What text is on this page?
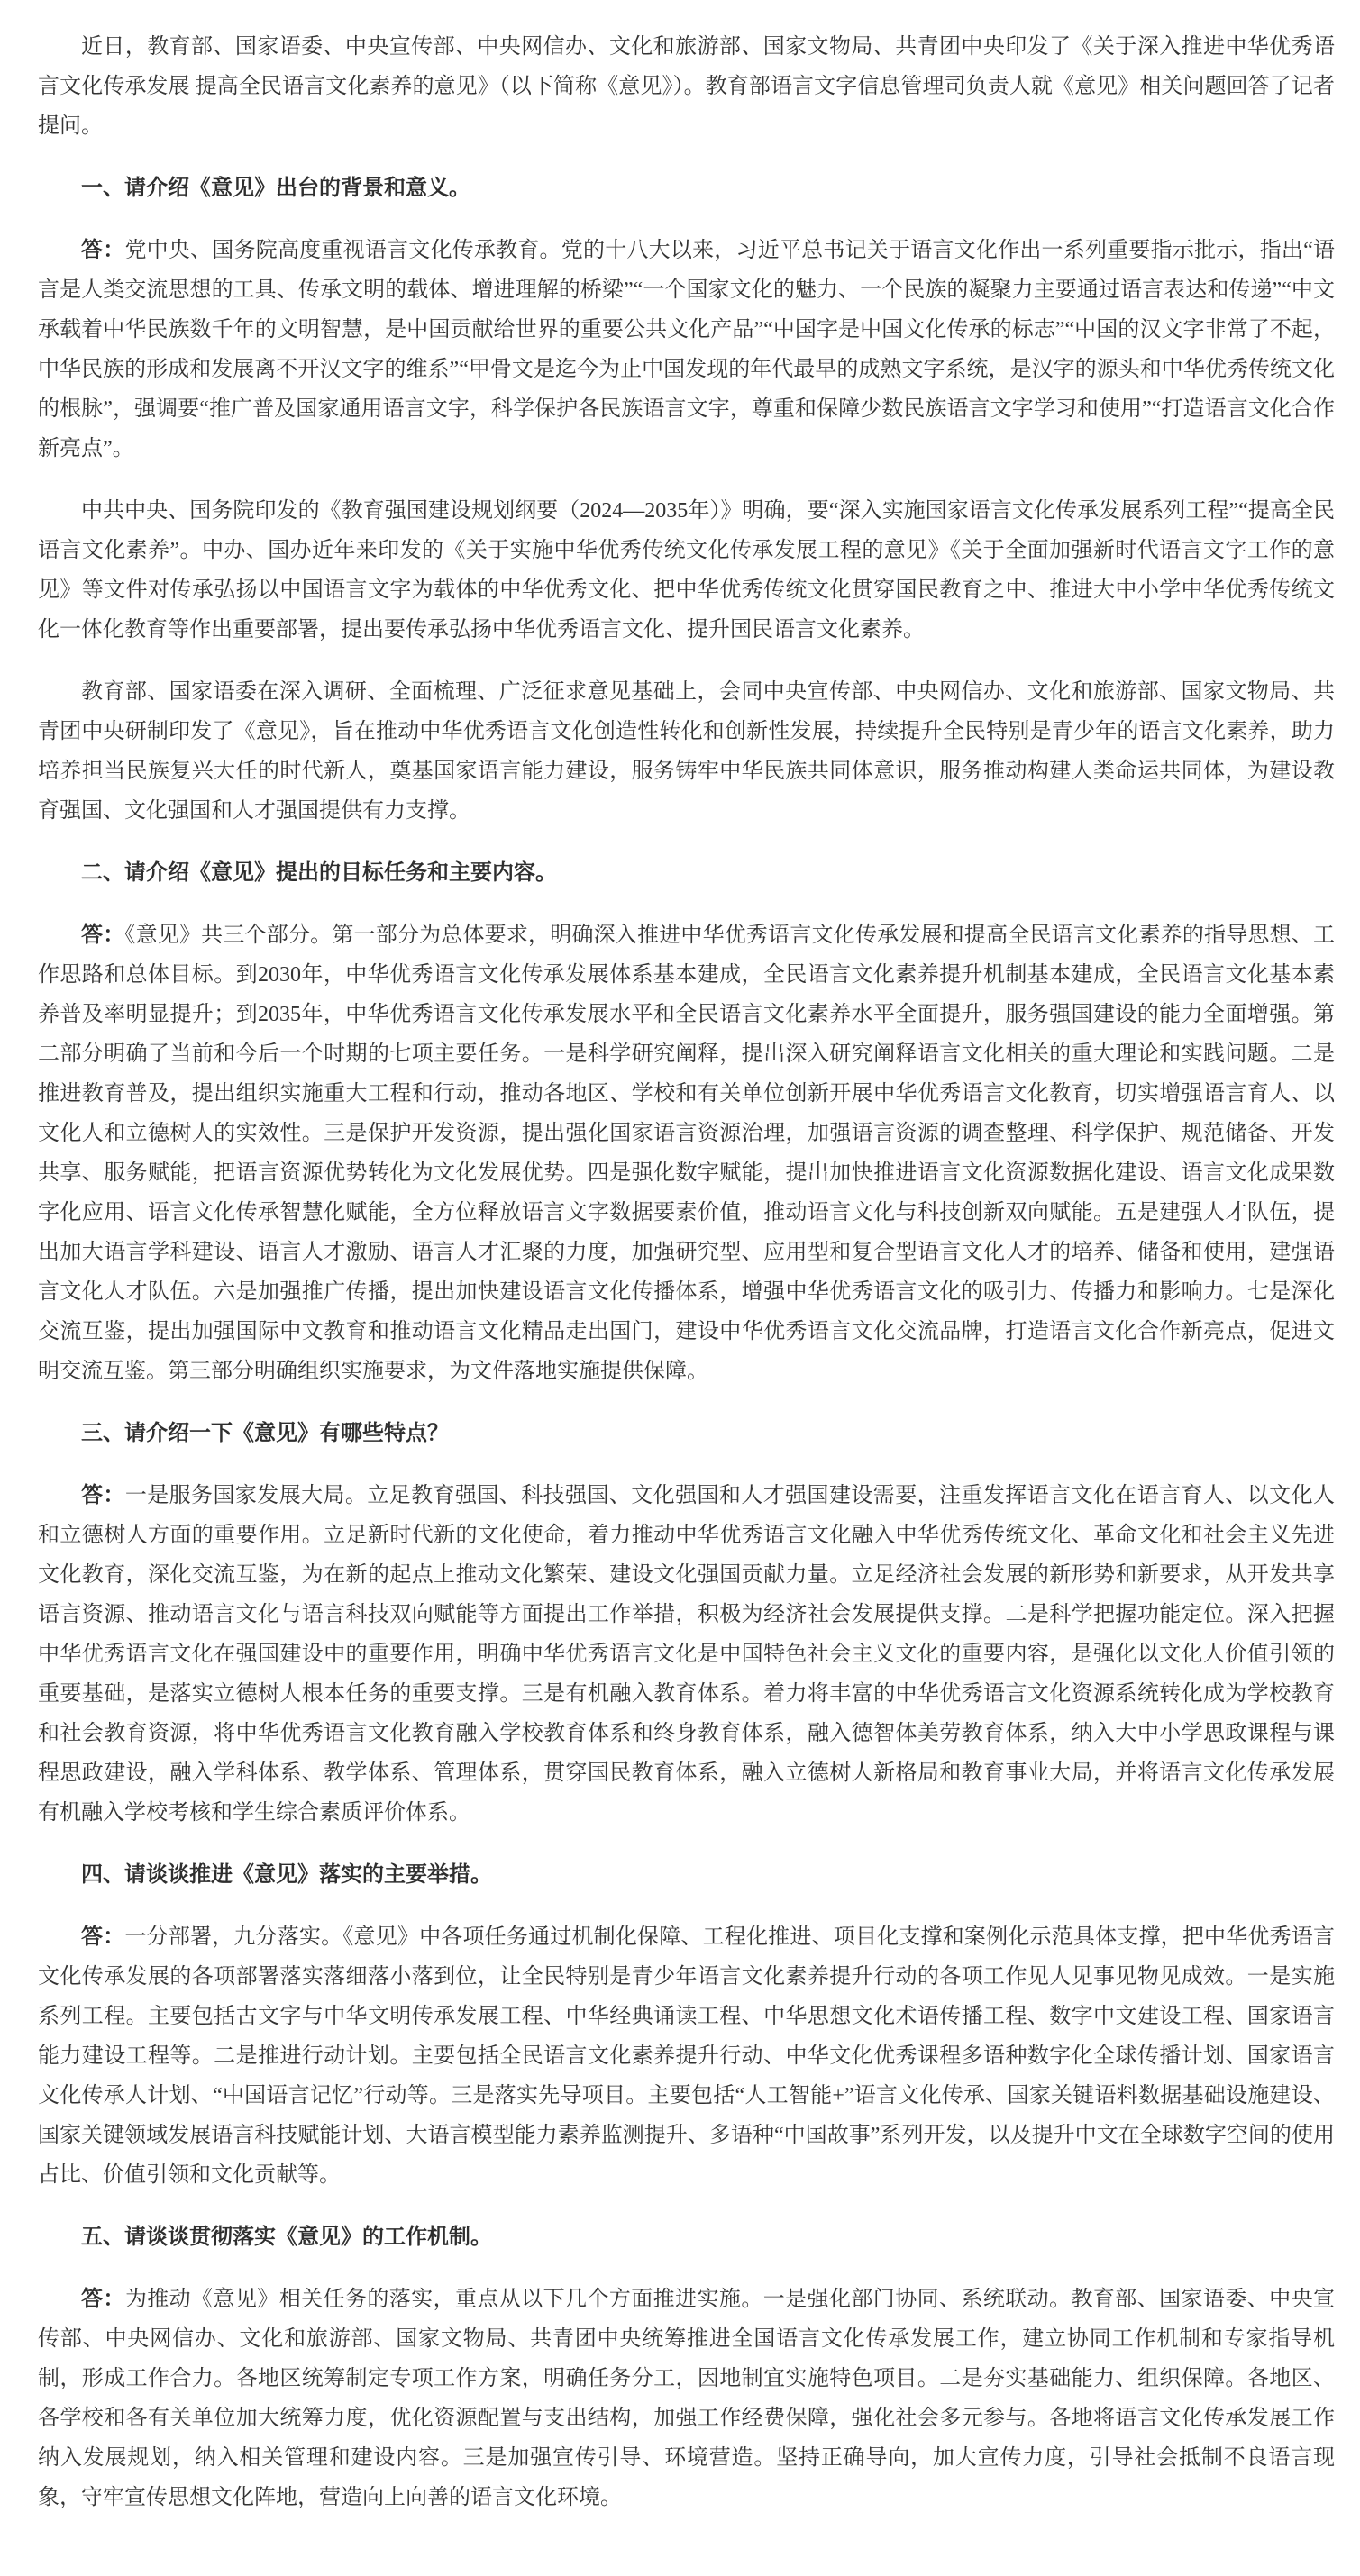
近日，教育部、国家语委、中央宣传部、中央网信办、文化和旅游部、国家文物局、共青团中央印发了《关于深入推进中华优秀语言文化传承发展 提高全民语言文化素养的意见》（以下简称《意见》）。教育部语言文字信息管理司负责人就《意见》相关问题回答了记者提问。

一、请介绍《意见》出台的背景和意义。

答：党中央、国务院高度重视语言文化传承教育。党的十八大以来，习近平总书记关于语言文化作出一系列重要指示批示，指出“语言是人类交流思想的工具、传承文明的载体、增进理解的桥梁”“一个国家文化的魅力、一个民族的凝聚力主要通过语言表达和传递”“中文承载着中华民族数千年的文明智慧，是中国贡献给世界的重要公共文化产品”“中国字是中国文化传承的标志”“中国的汉文字非常了不起，中华民族的形成和发展离不开汉文字的维系”“甲骨文是迄今为止中国发现的年代最早的成熟文字系统，是汉字的源头和中华优秀传统文化的根脉”，强调要“推广普及国家通用语言文字，科学保护各民族语言文字，尊重和保障少数民族语言文字学习和使用”“打造语言文化合作新亮点”。

中共中央、国务院印发的《教育强国建设规划纲要（2024—2035年）》明确，要“深入实施国家语言文化传承发展系列工程”“提高全民语言文化素养”。中办、国办近年来印发的《关于实施中华优秀传统文化传承发展工程的意见》《关于全面加强新时代语言文字工作的意见》等文件对传承弘扬以中国语言文字为载体的中华优秀文化、把中华优秀传统文化贯穿国民教育之中、推进大中小学中华优秀传统文化一体化教育等作出重要部署，提出要传承弘扬中华优秀语言文化、提升国民语言文化素养。

教育部、国家语委在深入调研、全面梳理、广泛征求意见基础上，会同中央宣传部、中央网信办、文化和旅游部、国家文物局、共青团中央研制印发了《意见》，旨在推动中华优秀语言文化创造性转化和创新性发展，持续提升全民特别是青少年的语言文化素养，助力培养担当民族复兴大任的时代新人，奠基国家语言能力建设，服务铸牢中华民族共同体意识，服务推动构建人类命运共同体，为建设教育强国、文化强国和人才强国提供有力支撑。

二、请介绍《意见》提出的目标任务和主要内容。

答：《意见》共三个部分。第一部分为总体要求，明确深入推进中华优秀语言文化传承发展和提高全民语言文化素养的指导思想、工作思路和总体目标。到2030年，中华优秀语言文化传承发展体系基本建成，全民语言文化素养提升机制基本建成，全民语言文化基本素养普及率明显提升；到2035年，中华优秀语言文化传承发展水平和全民语言文化素养水平全面提升，服务强国建设的能力全面增强。第二部分明确了当前和今后一个时期的七项主要任务。一是科学研究阐释，提出深入研究阐释语言文化相关的重大理论和实践问题。二是推进教育普及，提出组织实施重大工程和行动，推动各地区、学校和有关单位创新开展中华优秀语言文化教育，切实增强语言育人、以文化人和立德树人的实效性。三是保护开发资源，提出强化国家语言资源治理，加强语言资源的调查整理、科学保护、规范储备、开发共享、服务赋能，把语言资源优势转化为文化发展优势。四是强化数字赋能，提出加快推进语言文化资源数据化建设、语言文化成果数字化应用、语言文化传承智慧化赋能，全方位释放语言文字数据要素价值，推动语言文化与科技创新双向赋能。五是建强人才队伍，提出加大语言学科建设、语言人才激励、语言人才汇聚的力度，加强研究型、应用型和复合型语言文化人才的培养、储备和使用，建强语言文化人才队伍。六是加强推广传播，提出加快建设语言文化传播体系，增强中华优秀语言文化的吸引力、传播力和影响力。七是深化交流互鉴，提出加强国际中文教育和推动语言文化精品走出国门，建设中华优秀语言文化交流品牌，打造语言文化合作新亮点，促进文明交流互鉴。第三部分明确组织实施要求，为文件落地实施提供保障。

三、请介绍一下《意见》有哪些特点？

答：一是服务国家发展大局。立足教育强国、科技强国、文化强国和人才强国建设需要，注重发挥语言文化在语言育人、以文化人和立德树人方面的重要作用。立足新时代新的文化使命，着力推动中华优秀语言文化融入中华优秀传统文化、革命文化和社会主义先进文化教育，深化交流互鉴，为在新的起点上推动文化繁荣、建设文化强国贡献力量。立足经济社会发展的新形势和新要求，从开发共享语言资源、推动语言文化与语言科技双向赋能等方面提出工作举措，积极为经济社会发展提供支撑。二是科学把握功能定位。深入把握中华优秀语言文化在强国建设中的重要作用，明确中华优秀语言文化是中国特色社会主义文化的重要内容，是强化以文化人价值引领的重要基础，是落实立德树人根本任务的重要支撑。三是有机融入教育体系。着力将丰富的中华优秀语言文化资源系统转化成为学校教育和社会教育资源，将中华优秀语言文化教育融入学校教育体系和终身教育体系，融入德智体美劳教育体系，纳入大中小学思政课程与课程思政建设，融入学科体系、教学体系、管理体系，贯穿国民教育体系，融入立德树人新格局和教育事业大局，并将语言文化传承发展有机融入学校考核和学生综合素质评价体系。

四、请谈谈推进《意见》落实的主要举措。

答：一分部署，九分落实。《意见》中各项任务通过机制化保障、工程化推进、项目化支撑和案例化示范具体支撑，把中华优秀语言文化传承发展的各项部署落实落细落小落到位，让全民特别是青少年语言文化素养提升行动的各项工作见人见事见物见成效。一是实施系列工程。主要包括古文字与中华文明传承发展工程、中华经典诵读工程、中华思想文化术语传播工程、数字中文建设工程、国家语言能力建设工程等。二是推进行动计划。主要包括全民语言文化素养提升行动、中华文化优秀课程多语种数字化全球传播计划、国家语言文化传承人计划、“中国语言记忆”行动等。三是落实先导项目。主要包括“人工智能+”语言文化传承、国家关键语料数据基础设施建设、国家关键领域发展语言科技赋能计划、大语言模型能力素养监测提升、多语种“中国故事”系列开发，以及提升中文在全球数字空间的使用占比、价值引领和文化贡献等。

五、请谈谈贯彻落实《意见》的工作机制。

答：为推动《意见》相关任务的落实，重点从以下几个方面推进实施。一是强化部门协同、系统联动。教育部、国家语委、中央宣传部、中央网信办、文化和旅游部、国家文物局、共青团中央统筹推进全国语言文化传承发展工作，建立协同工作机制和专家指导机制，形成工作合力。各地区统筹制定专项工作方案，明确任务分工，因地制宜实施特色项目。二是夯实基础能力、组织保障。各地区、各学校和各有关单位加大统筹力度，优化资源配置与支出结构，加强工作经费保障，强化社会多元参与。各地将语言文化传承发展工作纳入发展规划，纳入相关管理和建设内容。三是加强宣传引导、环境营造。坚持正确导向，加大宣传力度，引导社会抵制不良语言现象，守牢宣传思想文化阵地，营造向上向善的语言文化环境。
